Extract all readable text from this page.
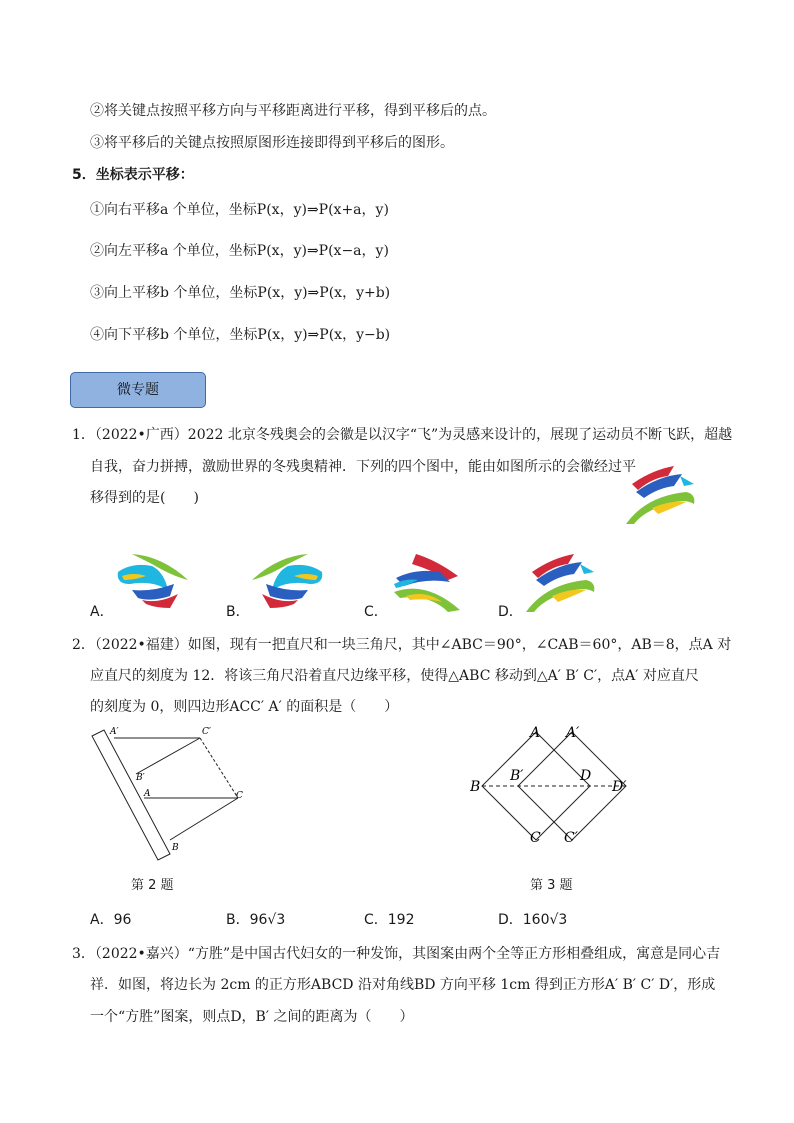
②将关键点按照平移方向与平移距离进行平移，得到平移后的点。
③将平移后的关键点按照原图形连接即得到平移后的图形。
5．坐标表示平移：
①向右平移a 个单位，坐标P(x，y)⇒P(x+a，y)
②向左平移a 个单位，坐标P(x，y)⇒P(x−a，y)
③向上平移b 个单位，坐标P(x，y)⇒P(x，y+b)
④向下平移b 个单位，坐标P(x，y)⇒P(x，y−b)
微专题
1．（2022•广西）2022 北京冬残奥会的会徽是以汉字“飞”为灵感来设计的，展现了运动员不断飞跃，超越
自我，奋力拼搏，激励世界的冬残奥精神．下列的四个图中，能由如图所示的会徽经过平
移得到的是(　　)
A．	B．	C．	D．
2．（2022•福建）如图，现有一把直尺和一块三角尺，其中∠ABC＝90°，∠CAB＝60°，AB＝8，点A 对
应直尺的刻度为 12．将该三角尺沿着直尺边缘平移，使得△ABC 移动到△A′ B′ C′，点A′ 对应直尺
的刻度为 0，则四边形ACC′ A′ 的面积是（　　）
A′	C′
B′
A	C
B
第 2 题
A A′
B
B′	D
D′
C C′
第 3 题
A．96	B．96√3	C．192	D．160√3
3．（2022•嘉兴）“方胜”是中国古代妇女的一种发饰，其图案由两个全等正方形相叠组成，寓意是同心吉
祥．如图，将边长为 2cm 的正方形ABCD 沿对角线BD 方向平移 1cm 得到正方形A′ B′ C′ D′，形成
一个“方胜”图案，则点D，B′ 之间的距离为（　　）
